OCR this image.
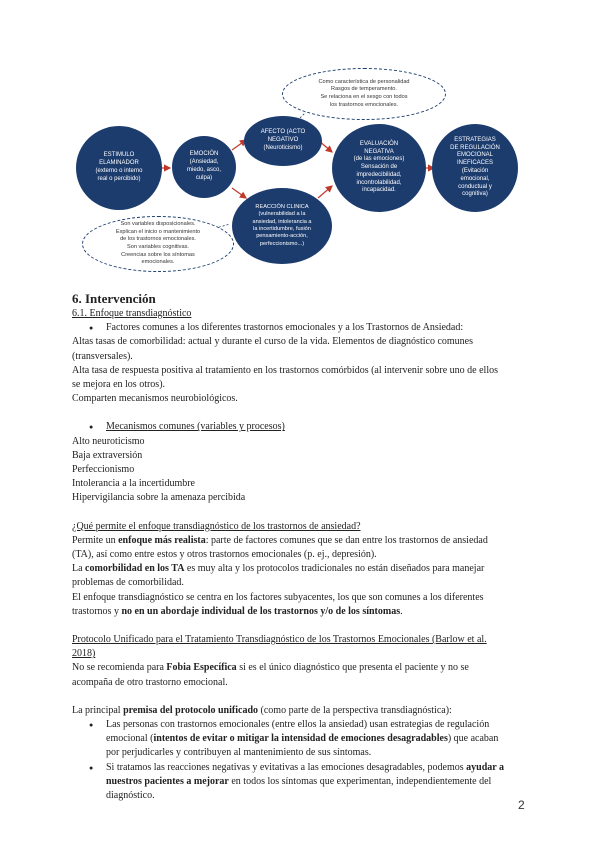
Como característica de personalidad
Rasgos de temperamento.
Se relaciona en el sesgo con todos
los trastornos emocionales.
ESTIMULO
ELAMINADOR
(externo o interno
real o percibido)
EMOCIÓN
(Ansiedad,
miedo, asco,
culpa)
AFECTO (ACTO
NEGATIVO
(Neuroticismo)
REACCIÓN CLINICA
(vulnerabilidad a la
ansiedad, intolerancia a
la incertidumbre, fusión
pensamiento-acción,
perfeccionismo...)
EVALUACIÓN
NEGATIVA
(de las emociones)
Sensación de
impredecibilidad,
incontrolabilidad,
incapacidad.
ESTRATEGIAS
DE REGULACIÓN
EMOCIONAL
INEFICACES
(Evitación
emocional,
conductual y
cognitiva)
Son variables disposicionales.
Explican el inicio o mantenimiento
de los trastornos emocionales.
Son variables cognitivas.
Creencias sobre los síntomas
emocionales.

6. Intervención

6.1. Enfoque transdiagnóstico

● Factores comunes a los diferentes trastornos emocionales y a los Trastornos de Ansiedad:

Altas tasas de comorbilidad: actual y durante el curso de la vida. Elementos de diagnóstico comunes

(transversales).

Alta tasa de respuesta positiva al tratamiento en los trastornos comórbidos (al intervenir sobre uno de ellos

se mejora en los otros).

Comparten mecanismos neurobiológicos.

● Mecanismos comunes (variables y procesos)

Alto neuroticismo

Baja extraversión

Perfeccionismo

Intolerancia a la incertidumbre

Hipervigilancia sobre la amenaza percibida

¿Qué permite el enfoque transdiagnóstico de los trastornos de ansiedad?

Permite un enfoque más realista: parte de factores comunes que se dan entre los trastornos de ansiedad

(TA), así como entre estos y otros trastornos emocionales (p. ej., depresión).

La comorbilidad en los TA es muy alta y los protocolos tradicionales no están diseñados para manejar

problemas de comorbilidad.

El enfoque transdiagnóstico se centra en los factores subyacentes, los que son comunes a los diferentes

trastornos y no en un abordaje individual de los trastornos y/o de los síntomas.

Protocolo Unificado para el Tratamiento Transdiagnóstico de los Trastornos Emocionales (Barlow et al.

2018)

No se recomienda para Fobia Específica si es el único diagnóstico que presenta el paciente y no se

acompaña de otro trastorno emocional.

La principal premisa del protocolo unificado (como parte de la perspectiva transdiagnóstica):

● Las personas con trastornos emocionales (entre ellos la ansiedad) usan estrategias de regulación
emocional (intentos de evitar o mitigar la intensidad de emociones desagradables) que acaban
por perjudicarles y contribuyen al mantenimiento de sus síntomas.
● Si tratamos las reacciones negativas y evitativas a las emociones desagradables, podemos ayudar a
nuestros pacientes a mejorar en todos los síntomas que experimentan, independientemente del
diagnóstico.
2
